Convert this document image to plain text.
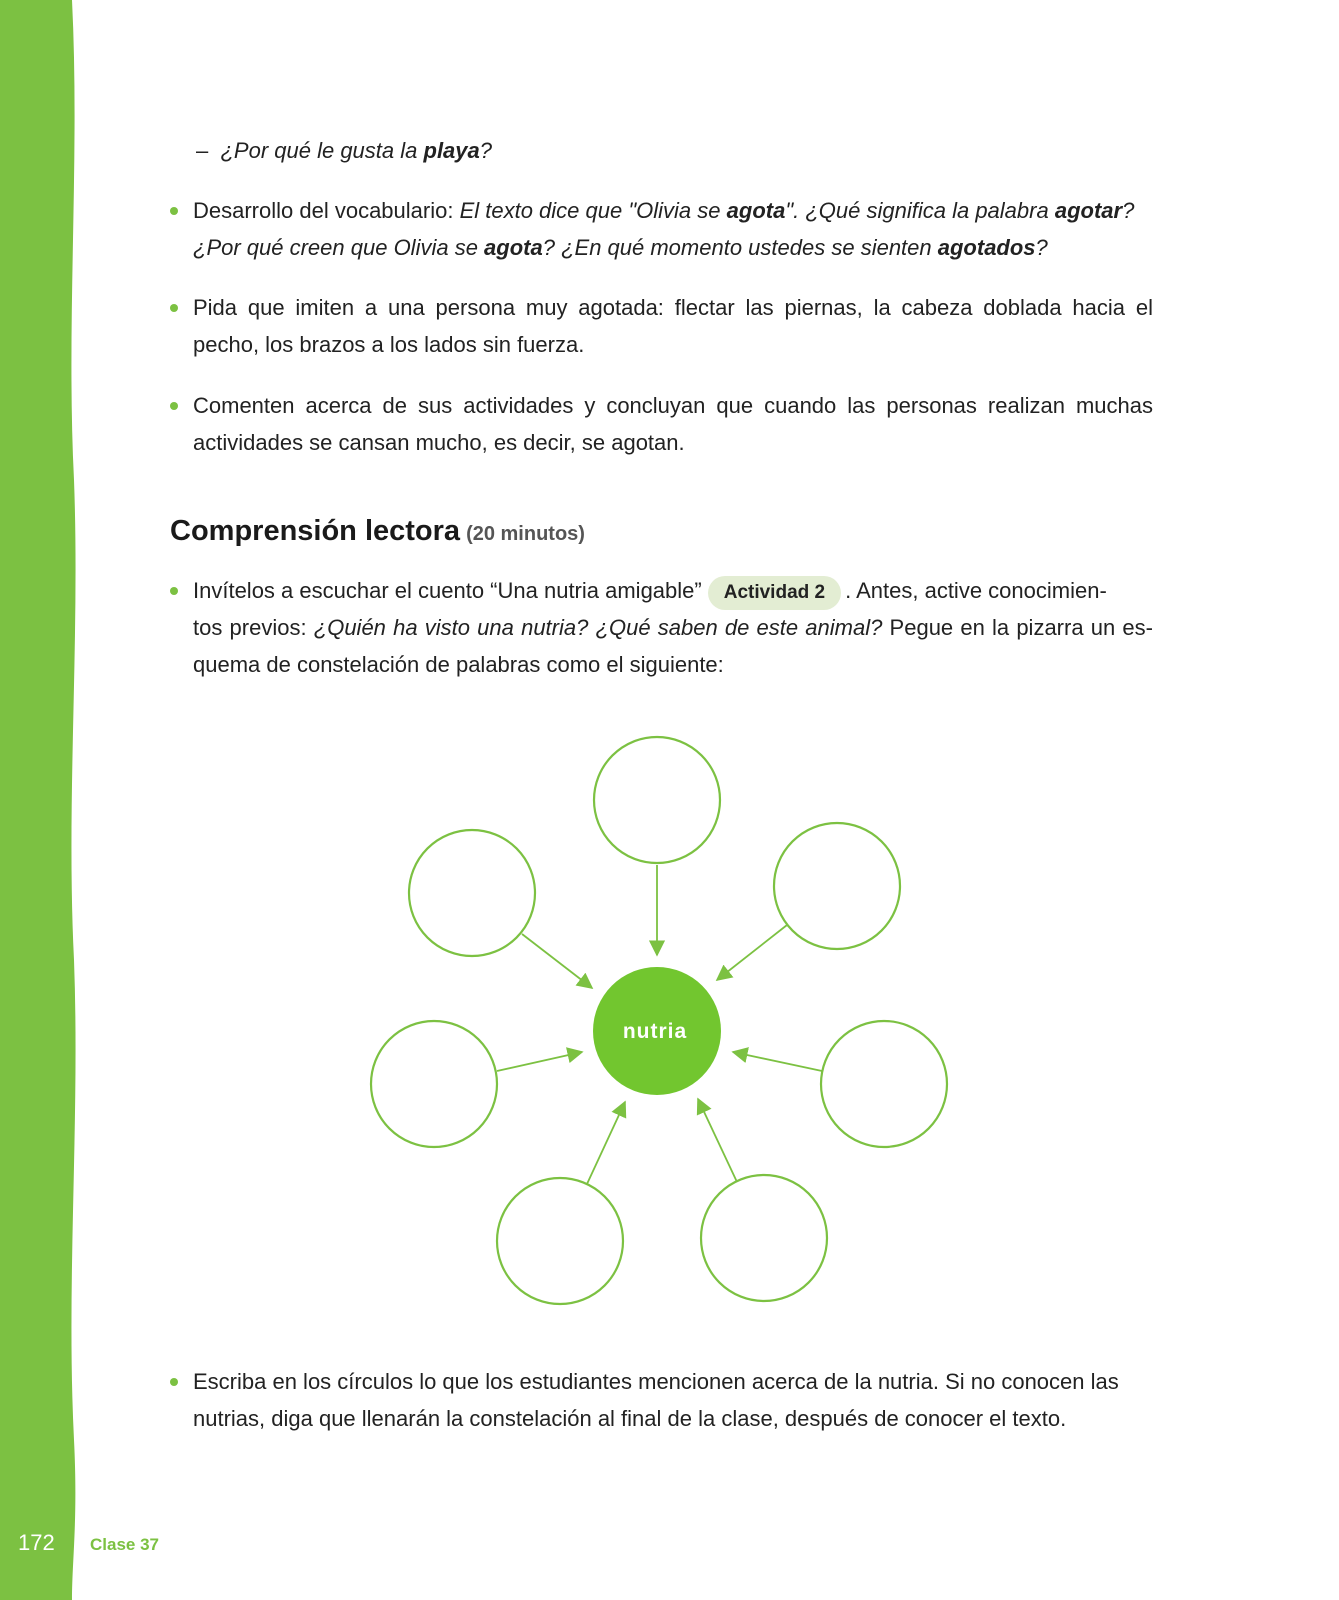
– ¿Por qué le gusta la playa?
Desarrollo del vocabulario: El texto dice que "Olivia se agota". ¿Qué significa la palabra agotar?
¿Por qué creen que Olivia se agota? ¿En qué momento ustedes se sienten agotados?
Pida que imiten a una persona muy agotada: flectar las piernas, la cabeza doblada hacia el
pecho, los brazos a los lados sin fuerza.
Comenten acerca de sus actividades y concluyan que cuando las personas realizan muchas
actividades se cansan mucho, es decir, se agotan.
Comprensión lectora (20 minutos)
Invítelos a escuchar el cuento “Una nutria amigable” Actividad 2 . Antes, active conocimien-
tos previos: ¿Quién ha visto una nutria? ¿Qué saben de este animal? Pegue en la pizarra un es-
quema de constelación de palabras como el siguiente:
nutria
Escriba en los círculos lo que los estudiantes mencionen acerca de la nutria. Si no conocen las
nutrias, diga que llenarán la constelación al final de la clase, después de conocer el texto.
172 Clase 37
